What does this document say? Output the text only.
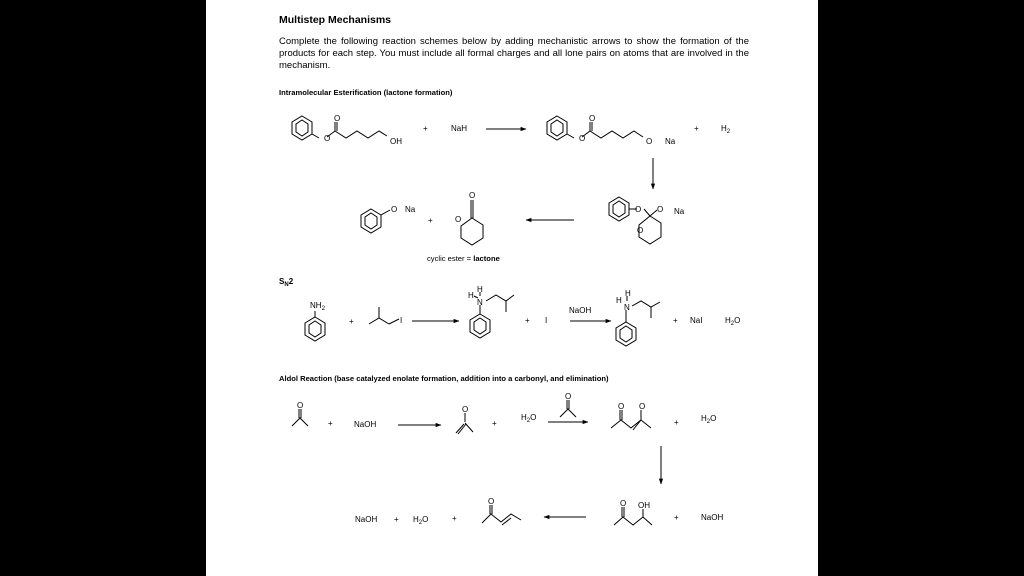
Multistep Mechanisms
Complete the following reaction schemes below by adding mechanistic arrows to show the formation of the products for each step. You must include all formal charges and all lone pairs on atoms that are involved in the mechanism.
Intramolecular Esterification (lactone formation)
Aldol Reaction (base catalyzed enolate formation, addition into a carbonyl, and elimination)
O
O
OH
+	NaH
O
O
O Na
+	$H_2$
O O Na
O
O Na
+
O
O
cyclic ester = lactone
$S_N2$
$NH_2$
+	I
H
H
N
+ I
NaOH
H
H
N
+ NaI	$H_2O$
O
+	NaOH
O
+
$H_2O$
O
O O
+	$H_2O$
O OH
+	NaOH
NaOH + $H_2O$	+
O
